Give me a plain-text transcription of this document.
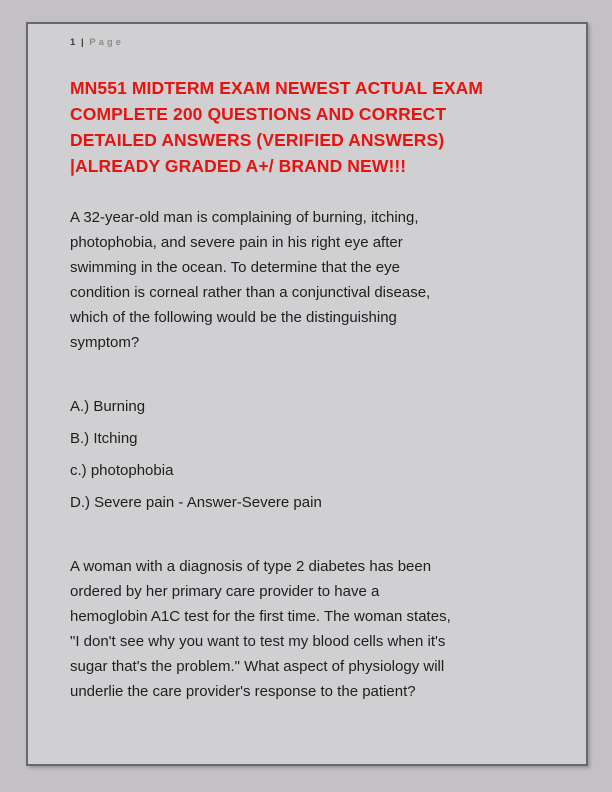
1 | Page
MN551 MIDTERM EXAM NEWEST ACTUAL EXAM
COMPLETE 200 QUESTIONS AND CORRECT
DETAILED ANSWERS (VERIFIED ANSWERS)
|ALREADY GRADED A+/ BRAND NEW!!!
A 32-year-old man is complaining of burning, itching,
photophobia, and severe pain in his right eye after
swimming in the ocean. To determine that the eye
condition is corneal rather than a conjunctival disease,
which of the following would be the distinguishing
symptom?
A.) Burning
B.) Itching
c.) photophobia
D.) Severe pain - Answer-Severe pain
A woman with a diagnosis of type 2 diabetes has been
ordered by her primary care provider to have a
hemoglobin A1C test for the first time. The woman states,
"I don't see why you want to test my blood cells when it's
sugar that's the problem." What aspect of physiology will
underlie the care provider's response to the patient?
